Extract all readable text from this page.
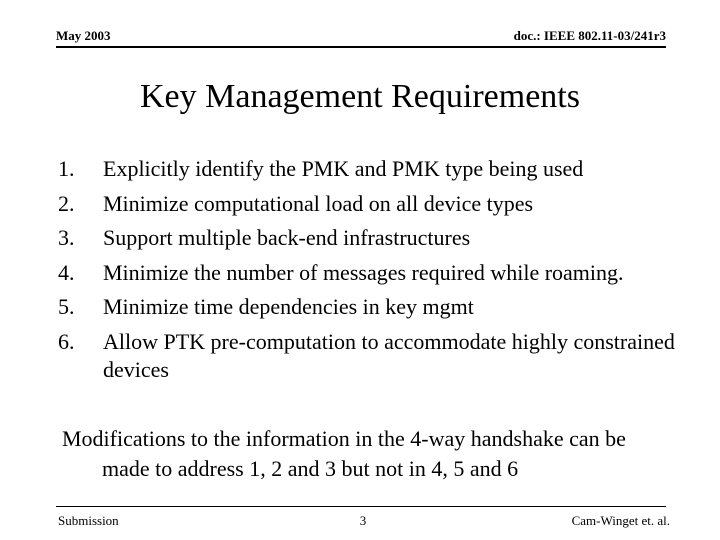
May 2003	doc.: IEEE 802.11-03/241r3
Key Management Requirements
1.	Explicitly identify the PMK and PMK type being used
2.	Minimize computational load on all device types
3.	Support multiple back-end infrastructures
4.	Minimize the number of messages required while roaming.
5.	Minimize time dependencies in key mgmt
6.	Allow PTK pre-computation to accommodate highly constrained devices
Modifications to the information in the 4-way handshake can be
made to address 1, 2 and 3 but not in 4, 5 and 6
Submission	3	Cam-Winget et. al.
